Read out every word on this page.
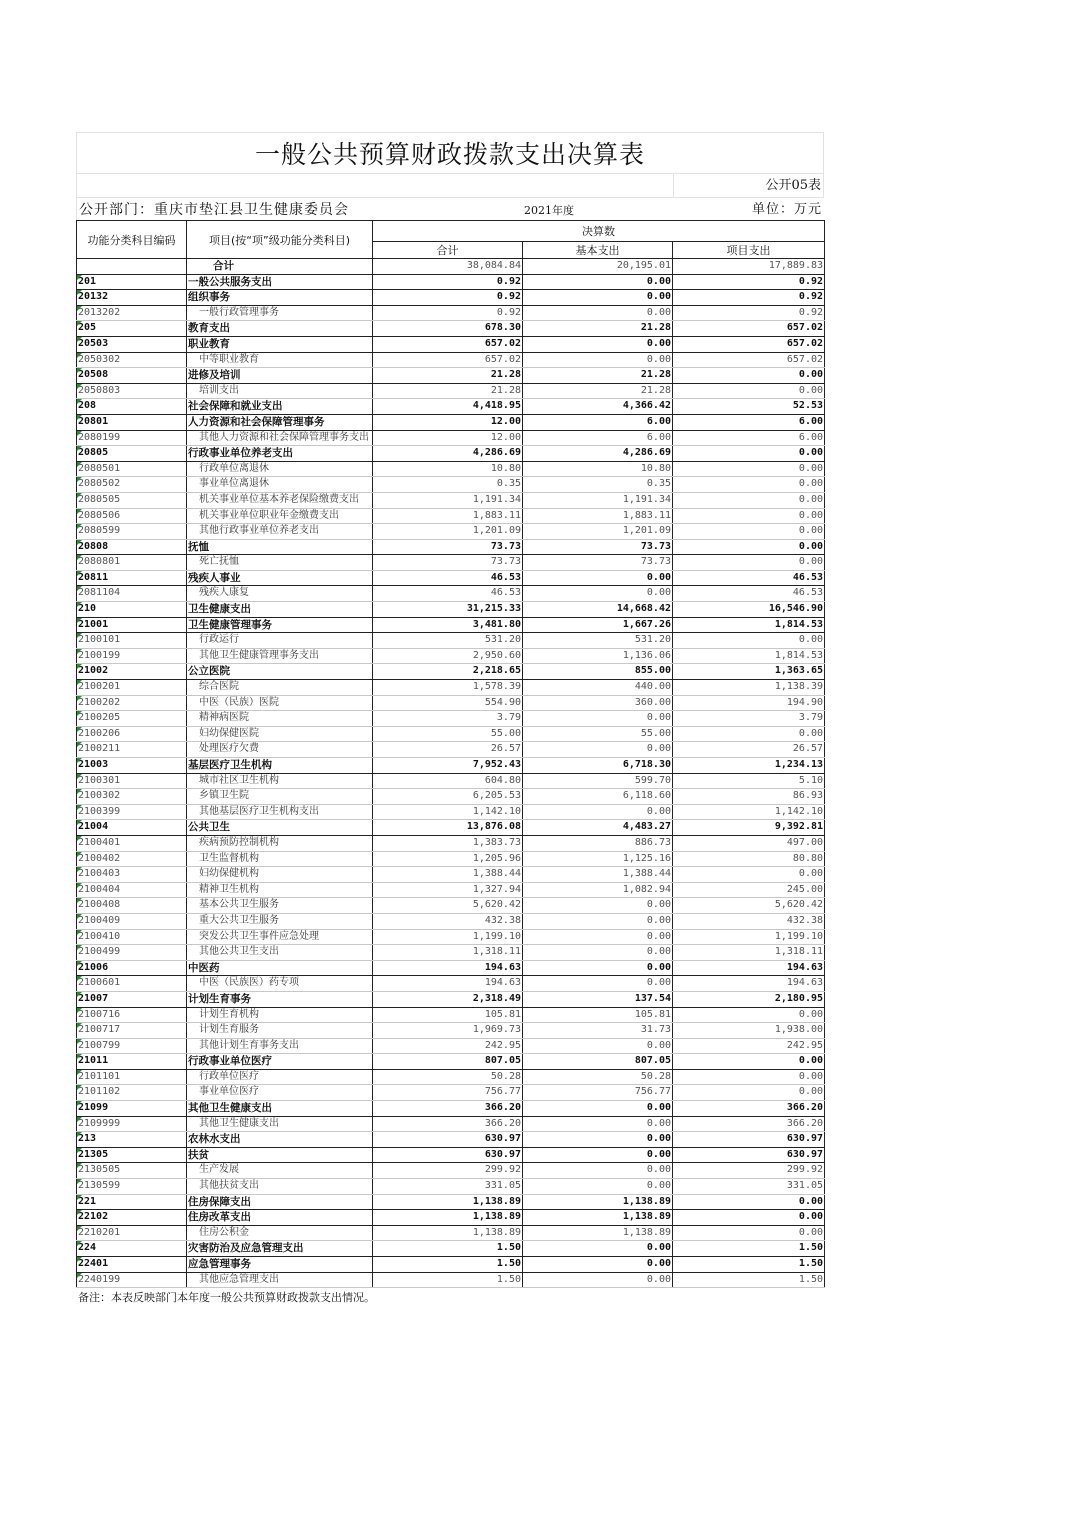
一般公共预算财政拨款支出决算表
公开05表
公开部门：重庆市垫江县卫生健康委员会	2021年度	单位：万元
功能分类科目编码	项目(按“项”级功能分类科目)	决算数		
		合计	基本支出	项目支出
	合计	38,084.84	20,195.01	17,889.83
201	一般公共服务支出	0.92	0.00	0.92
20132	组织事务	0.92	0.00	0.92
2013202	一般行政管理事务	0.92	0.00	0.92
205	教育支出	678.30	21.28	657.02
20503	职业教育	657.02	0.00	657.02
2050302	中等职业教育	657.02	0.00	657.02
20508	进修及培训	21.28	21.28	0.00
2050803	培训支出	21.28	21.28	0.00
208	社会保障和就业支出	4,418.95	4,366.42	52.53
20801	人力资源和社会保障管理事务	12.00	6.00	6.00
2080199	其他人力资源和社会保障管理事务支出	12.00	6.00	6.00
20805	行政事业单位养老支出	4,286.69	4,286.69	0.00
2080501	行政单位离退休	10.80	10.80	0.00
2080502	事业单位离退休	0.35	0.35	0.00
2080505	机关事业单位基本养老保险缴费支出	1,191.34	1,191.34	0.00
2080506	机关事业单位职业年金缴费支出	1,883.11	1,883.11	0.00
2080599	其他行政事业单位养老支出	1,201.09	1,201.09	0.00
20808	抚恤	73.73	73.73	0.00
2080801	死亡抚恤	73.73	73.73	0.00
20811	残疾人事业	46.53	0.00	46.53
2081104	残疾人康复	46.53	0.00	46.53
210	卫生健康支出	31,215.33	14,668.42	16,546.90
21001	卫生健康管理事务	3,481.80	1,667.26	1,814.53
2100101	行政运行	531.20	531.20	0.00
2100199	其他卫生健康管理事务支出	2,950.60	1,136.06	1,814.53
21002	公立医院	2,218.65	855.00	1,363.65
2100201	综合医院	1,578.39	440.00	1,138.39
2100202	中医（民族）医院	554.90	360.00	194.90
2100205	精神病医院	3.79	0.00	3.79
2100206	妇幼保健医院	55.00	55.00	0.00
2100211	处理医疗欠费	26.57	0.00	26.57
21003	基层医疗卫生机构	7,952.43	6,718.30	1,234.13
2100301	城市社区卫生机构	604.80	599.70	5.10
2100302	乡镇卫生院	6,205.53	6,118.60	86.93
2100399	其他基层医疗卫生机构支出	1,142.10	0.00	1,142.10
21004	公共卫生	13,876.08	4,483.27	9,392.81
2100401	疾病预防控制机构	1,383.73	886.73	497.00
2100402	卫生监督机构	1,205.96	1,125.16	80.80
2100403	妇幼保健机构	1,388.44	1,388.44	0.00
2100404	精神卫生机构	1,327.94	1,082.94	245.00
2100408	基本公共卫生服务	5,620.42	0.00	5,620.42
2100409	重大公共卫生服务	432.38	0.00	432.38
2100410	突发公共卫生事件应急处理	1,199.10	0.00	1,199.10
2100499	其他公共卫生支出	1,318.11	0.00	1,318.11
21006	中医药	194.63	0.00	194.63
2100601	中医（民族医）药专项	194.63	0.00	194.63
21007	计划生育事务	2,318.49	137.54	2,180.95
2100716	计划生育机构	105.81	105.81	0.00
2100717	计划生育服务	1,969.73	31.73	1,938.00
2100799	其他计划生育事务支出	242.95	0.00	242.95
21011	行政事业单位医疗	807.05	807.05	0.00
2101101	行政单位医疗	50.28	50.28	0.00
2101102	事业单位医疗	756.77	756.77	0.00
21099	其他卫生健康支出	366.20	0.00	366.20
2109999	其他卫生健康支出	366.20	0.00	366.20
213	农林水支出	630.97	0.00	630.97
21305	扶贫	630.97	0.00	630.97
2130505	生产发展	299.92	0.00	299.92
2130599	其他扶贫支出	331.05	0.00	331.05
221	住房保障支出	1,138.89	1,138.89	0.00
22102	住房改革支出	1,138.89	1,138.89	0.00
2210201	住房公积金	1,138.89	1,138.89	0.00
224	灾害防治及应急管理支出	1.50	0.00	1.50
22401	应急管理事务	1.50	0.00	1.50
2240199	其他应急管理支出	1.50	0.00	1.50
备注：本表反映部门本年度一般公共预算财政拨款支出情况。
